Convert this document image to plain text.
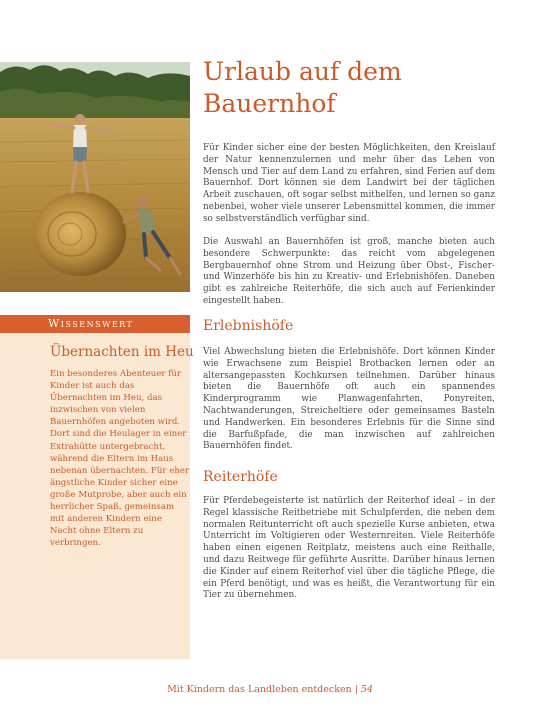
Wissenswert
Übernachten im Heu

Ein besonderes Abenteuer für Kinder ist auch das Übernachten im Heu, das inzwischen von vielen Bauernhöfen angeboten wird. Dort sind die Heulager in einer Extrahütte untergebracht, während die Eltern im Haus nebenan übernachten. Für eher ängstliche Kinder sicher eine große Mutprobe, aber auch ein herrlicher Spaß, gemeinsam mit anderen Kindern eine Nacht ohne Eltern zu verbringen.

Urlaub auf dem Bauernhof

Für Kinder sicher eine der besten Möglichkeiten, den Kreislauf der Natur kennenzulernen und mehr über das Leben von Mensch und Tier auf dem Land zu erfahren, sind Ferien auf dem Bauernhof. Dort können sie dem Landwirt bei der täglichen Arbeit zuschauen, oft sogar selbst mithelfen, und lernen so ganz nebenbei, woher viele unserer Lebensmittel kommen, die immer so selbstverständlich verfügbar sind.

Die Auswahl an Bauernhöfen ist groß, manche bieten auch besondere Schwerpunkte: das reicht vom abgelegenen Bergbauernhof ohne Strom und Heizung über Obst-, Fischer- und Winzerhöfe bis hin zu Kreativ- und Erlebnishöfen. Daneben gibt es zahlreiche Reiterhöfe, die sich auch auf Ferienkinder eingestellt haben.

Erlebnishöfe

Viel Abwechslung bieten die Erlebnishöfe. Dort können Kinder wie Erwachsene zum Beispiel Brotbacken lernen oder an altersangepassten Kochkursen teilnehmen. Darüber hinaus bieten die Bauernhöfe oft auch ein spannendes Kinderprogramm wie Planwagenfahrten, Ponyreiten, Nachtwanderungen, Streicheltiere oder gemeinsames Basteln und Handwerken. Ein besonderes Erlebnis für die Sinne sind die Barfußpfade, die man inzwischen auf zahlreichen Bauernhöfen findet.

Reiterhöfe

Für Pferdebegeisterte ist natürlich der Reiterhof ideal – in der Regel klassische Reitbetriebe mit Schulpferden, die neben dem normalen Reitunterricht oft auch spezielle Kurse anbieten, etwa Unterricht im Voltigieren oder Westernreiten. Viele Reiterhöfe haben einen eigenen Reitplatz, meistens auch eine Reithalle, und dazu Reitwege für geführte Ausritte. Darüber hinaus lernen die Kinder auf einem Reiterhof viel über die tägliche Pflege, die ein Pferd benötigt, und was es heißt, die Verantwortung für ein Tier zu übernehmen.

Mit Kindern das Landleben entdecken | 54
